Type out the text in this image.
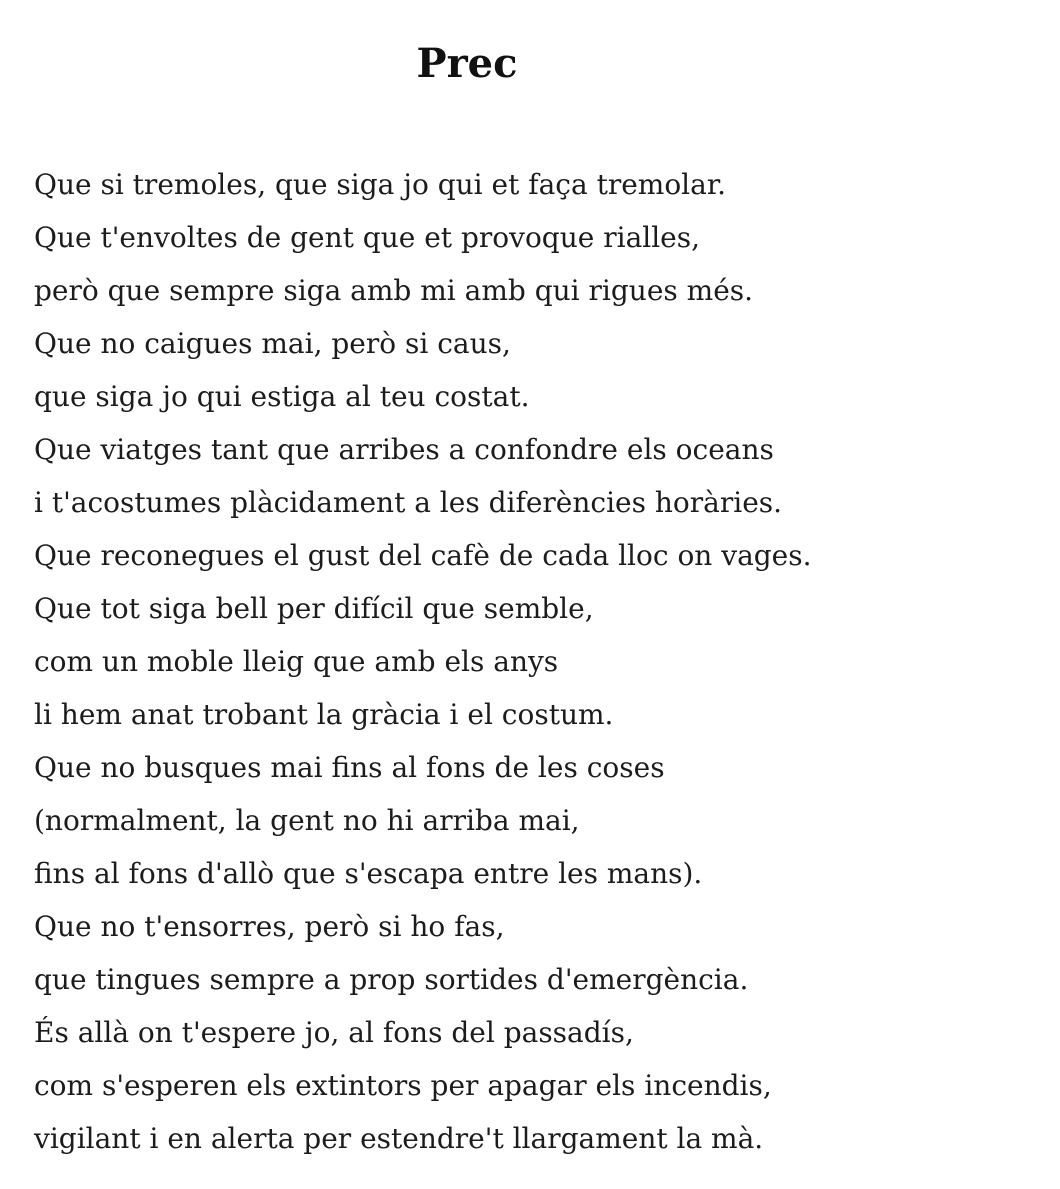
Prec
Que si tremoles, que siga jo qui et faça tremolar.
Que t'envoltes de gent que et provoque rialles,
però que sempre siga amb mi amb qui rigues més.
Que no caigues mai, però si caus,
que siga jo qui estiga al teu costat.
Que viatges tant que arribes a confondre els oceans
i t'acostumes plàcidament a les diferències horàries.
Que reconegues el gust del cafè de cada lloc on vages.
Que tot siga bell per difícil que semble,
com un moble lleig que amb els anys
li hem anat trobant la gràcia i el costum.
Que no busques mai fins al fons de les coses
(normalment, la gent no hi arriba mai,
fins al fons d'allò que s'escapa entre les mans).
Que no t'ensorres, però si ho fas,
que tingues sempre a prop sortides d'emergència.
És allà on t'espere jo, al fons del passadís,
com s'esperen els extintors per apagar els incendis,
vigilant i en alerta per estendre't llargament la mà.
